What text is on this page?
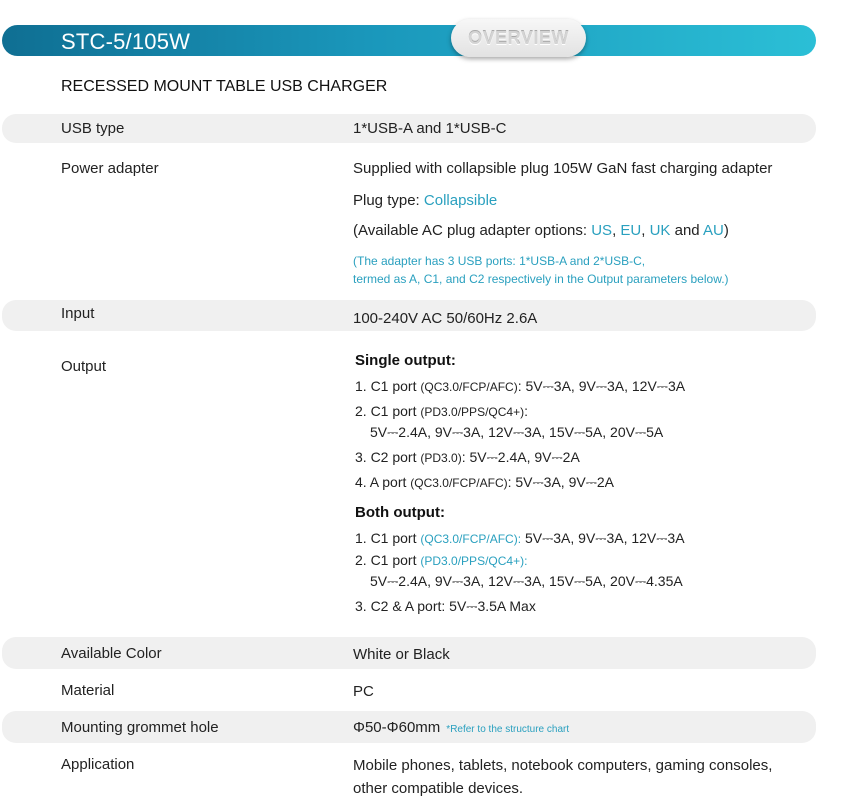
STC-5/105W	OVERVIEW
RECESSED MOUNT TABLE USB CHARGER
USB type	1*USB-A and 1*USB-C
Power adapter	Supplied with collapsible plug 105W GaN fast charging adapter
Plug type: Collapsible
(Available AC plug adapter options: US, EU, UK and AU)
(The adapter has 3 USB ports: 1*USB-A and 2*USB-C,
termed as A, C1, and C2 respectively in the Output parameters below.)
Input	100-240V AC 50/60Hz 2.6A
Output	Single output:
1. C1 port (QC3.0/FCP/AFC): 5V⎓3A, 9V⎓3A, 12V⎓3A
2. C1 port (PD3.0/PPS/QC4+):
5V⎓2.4A, 9V⎓3A, 12V⎓3A, 15V⎓5A, 20V⎓5A
3. C2 port (PD3.0): 5V⎓2.4A, 9V⎓2A
4. A port (QC3.0/FCP/AFC): 5V⎓3A, 9V⎓2A
Both output:
1. C1 port (QC3.0/FCP/AFC): 5V⎓3A, 9V⎓3A, 12V⎓3A
2. C1 port (PD3.0/PPS/QC4+):
5V⎓2.4A, 9V⎓3A, 12V⎓3A, 15V⎓5A, 20V⎓4.35A
3. C2 & A port: 5V⎓3.5A Max
Available Color	White or Black
Material	PC
Mounting grommet hole	Φ50-Φ60mm *Refer to the structure chart
Application	Mobile phones, tablets, notebook computers, gaming consoles,
other compatible devices.
